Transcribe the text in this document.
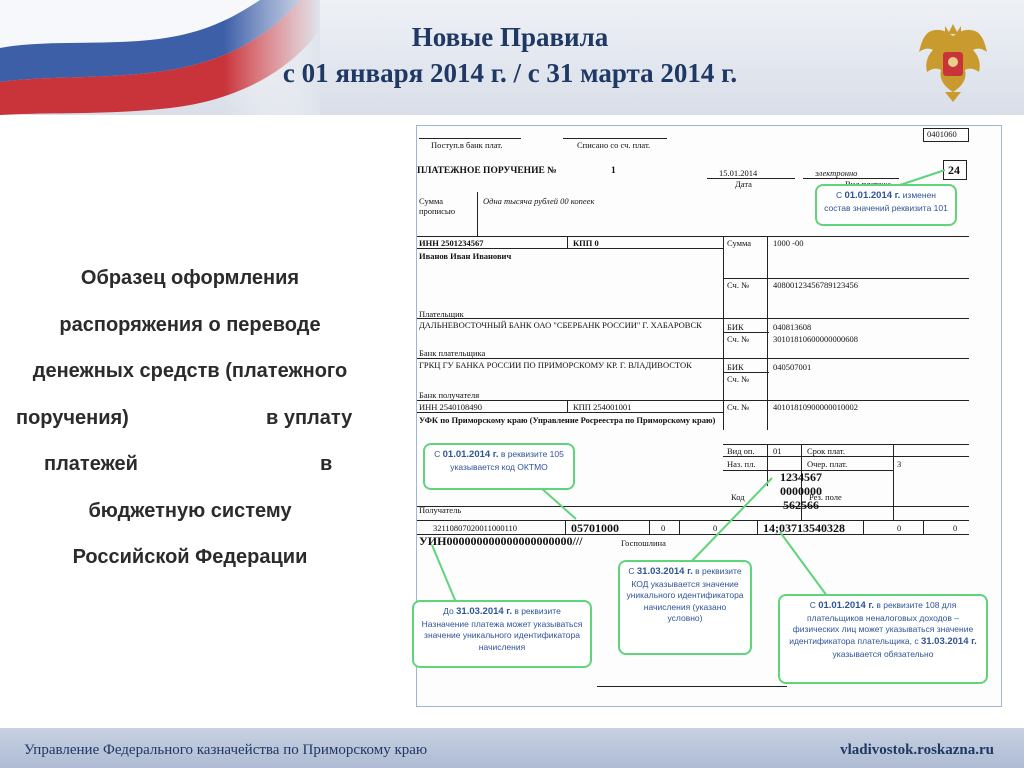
Новые Правила
с 01 января 2014 г. / с 31 марта 2014 г.
Образец оформления
распоряжения о переводе
денежных средств (платежного
поручения)	в уплату
платежей	в
бюджетную систему
Российской Федерации
0401060
Поступ.в банк плат.	Списано со сч. плат.
ПЛАТЕЖНОЕ ПОРУЧЕНИЕ №	1	15.01.2014
Дата
электронно	24
Сумма прописью
Одна тысяча рублей 00 копеек
ИНН 2501234567	КПП 0	Сумма	1000 -00
Иванов Иван Иванович
Сч. №	40800123456789123456
Плательщик
ДАЛЬНЕВОСТОЧНЫЙ БАНК ОАО "СБЕРБАНК РОССИИ" Г. ХАБАРОВСК	БИК	040813608
Сч. №	30101810600000000608
Банк плательщика
ГРКЦ ГУ БАНКА РОССИИ ПО ПРИМОРСКОМУ КР. Г. ВЛАДИВОСТОК	БИК	040507001
Сч. №
Банк получателя
ИНН 2540108490	КПП 254001001	Сч. №	40101810900000010002
УФК по Приморскому краю (Управление Росреестра по Приморскому краю)
Вид оп. 01	Срок плат.
Наз. пл.	Очер. плат.	3
Код
1234567 0000000 562566
Рез. поле
Получатель
32110807020011000110	05701000	0	0	14;03713540328	0	0
УИН000000000000000000000///	Госпошлина
С 01.01.2014 г. изменен состав значений реквизита 101
С 01.01.2014 г. в реквизите 105 указывается код ОКТМО
До 31.03.2014 г. в реквизите Назначение платежа может указываться значение уникального идентификатора начисления
С 31.03.2014 г. в реквизите КОД указывается значение уникального идентификатора начисления (указано условно)
С 01.01.2014 г. в реквизите 108 для плательщиков неналоговых доходов – физических лиц может указываться значение идентификатора плательщика, с 31.03.2014 г. указывается обязательно
Управление Федерального казначейства по Приморскому краю	vladivostok.roskazna.ru
